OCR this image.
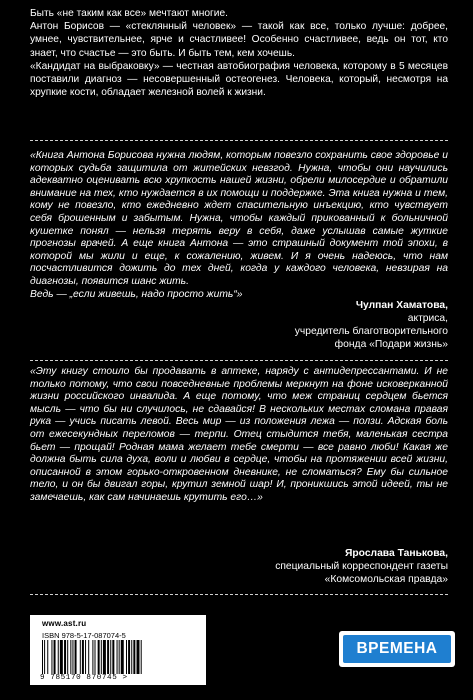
Быть «не таким как все» мечтают многие.

Антон Борисов — «стеклянный человек» — такой как все, только лучше: добрее, умнее, чувствительнее, ярче и счастливее! Особенно счастливее, ведь он тот, кто знает, что счастье — это быть. И быть тем, кем хочешь.

«Кандидат на выбраковку» — честная автобиография человека, которому в 5 месяцев поставили диагноз — несовершенный остеогенез. Человека, который, несмотря на хрупкие кости, обладает железной волей к жизни.

«Книга Антона Борисова нужна людям, которым повезло сохранить свое здоровье и которых судьба защитила от житейских невзгод. Нужна, чтобы они научились адекватно оценивать всю хрупкость нашей жизни, обрели милосердие и обратили внимание на тех, кто нуждается в их помощи и поддержке. Эта книга нужна и тем, кому не повезло, кто ежедневно ждет спасительную инъекцию, кто чувствует себя брошенным и забытым. Нужна, чтобы каждый прикованный к больничной кушетке понял — нельзя терять веру в себя, даже услышав самые жуткие прогнозы врачей. А еще книга Антона — это страшный документ той эпохи, в которой мы жили и еще, к сожалению, живем. И я очень надеюсь, что нам посчастливится дожить до тех дней, когда у каждого человека, невзирая на диагнозы, появится шанс жить.

Ведь — „если живешь, надо просто жить“»

Чулпан Хаматова,
актриса,
учредитель благотворительного
фонда «Подари жизнь»

«Эту книгу стоило бы продавать в аптеке, наряду с антидепрессантами. И не только потому, что свои повседневные проблемы меркнут на фоне исковерканной жизни российского инвалида. А еще потому, что меж страниц сердцем бьется мысль — что бы ни случилось, не сдавайся! В нескольких местах сломана правая рука — учись писать левой. Весь мир — из положения лежа — ползи. Адская боль от ежесекундных переломов — терпи. Отец стыдится тебя, маленькая сестра бьет — прощай! Родная мама желает тебе смерти — все равно люби! Какая же должна быть сила духа, воли и любви в сердце, чтобы на протяжении всей жизни, описанной в этом горько-откровенном дневнике, не сломаться? Ему бы сильное тело, и он бы двигал горы, крутил земной шар! И, проникшись этой идеей, ты не замечаешь, как сам начинаешь крутить его…»

Ярослава Танькова,
специальный корреспондент газеты
«Комсомольская правда»
www.ast.ru
ISBN 978-5-17-087074-5
9 785170 870745 >
ВРЕМЕНА
